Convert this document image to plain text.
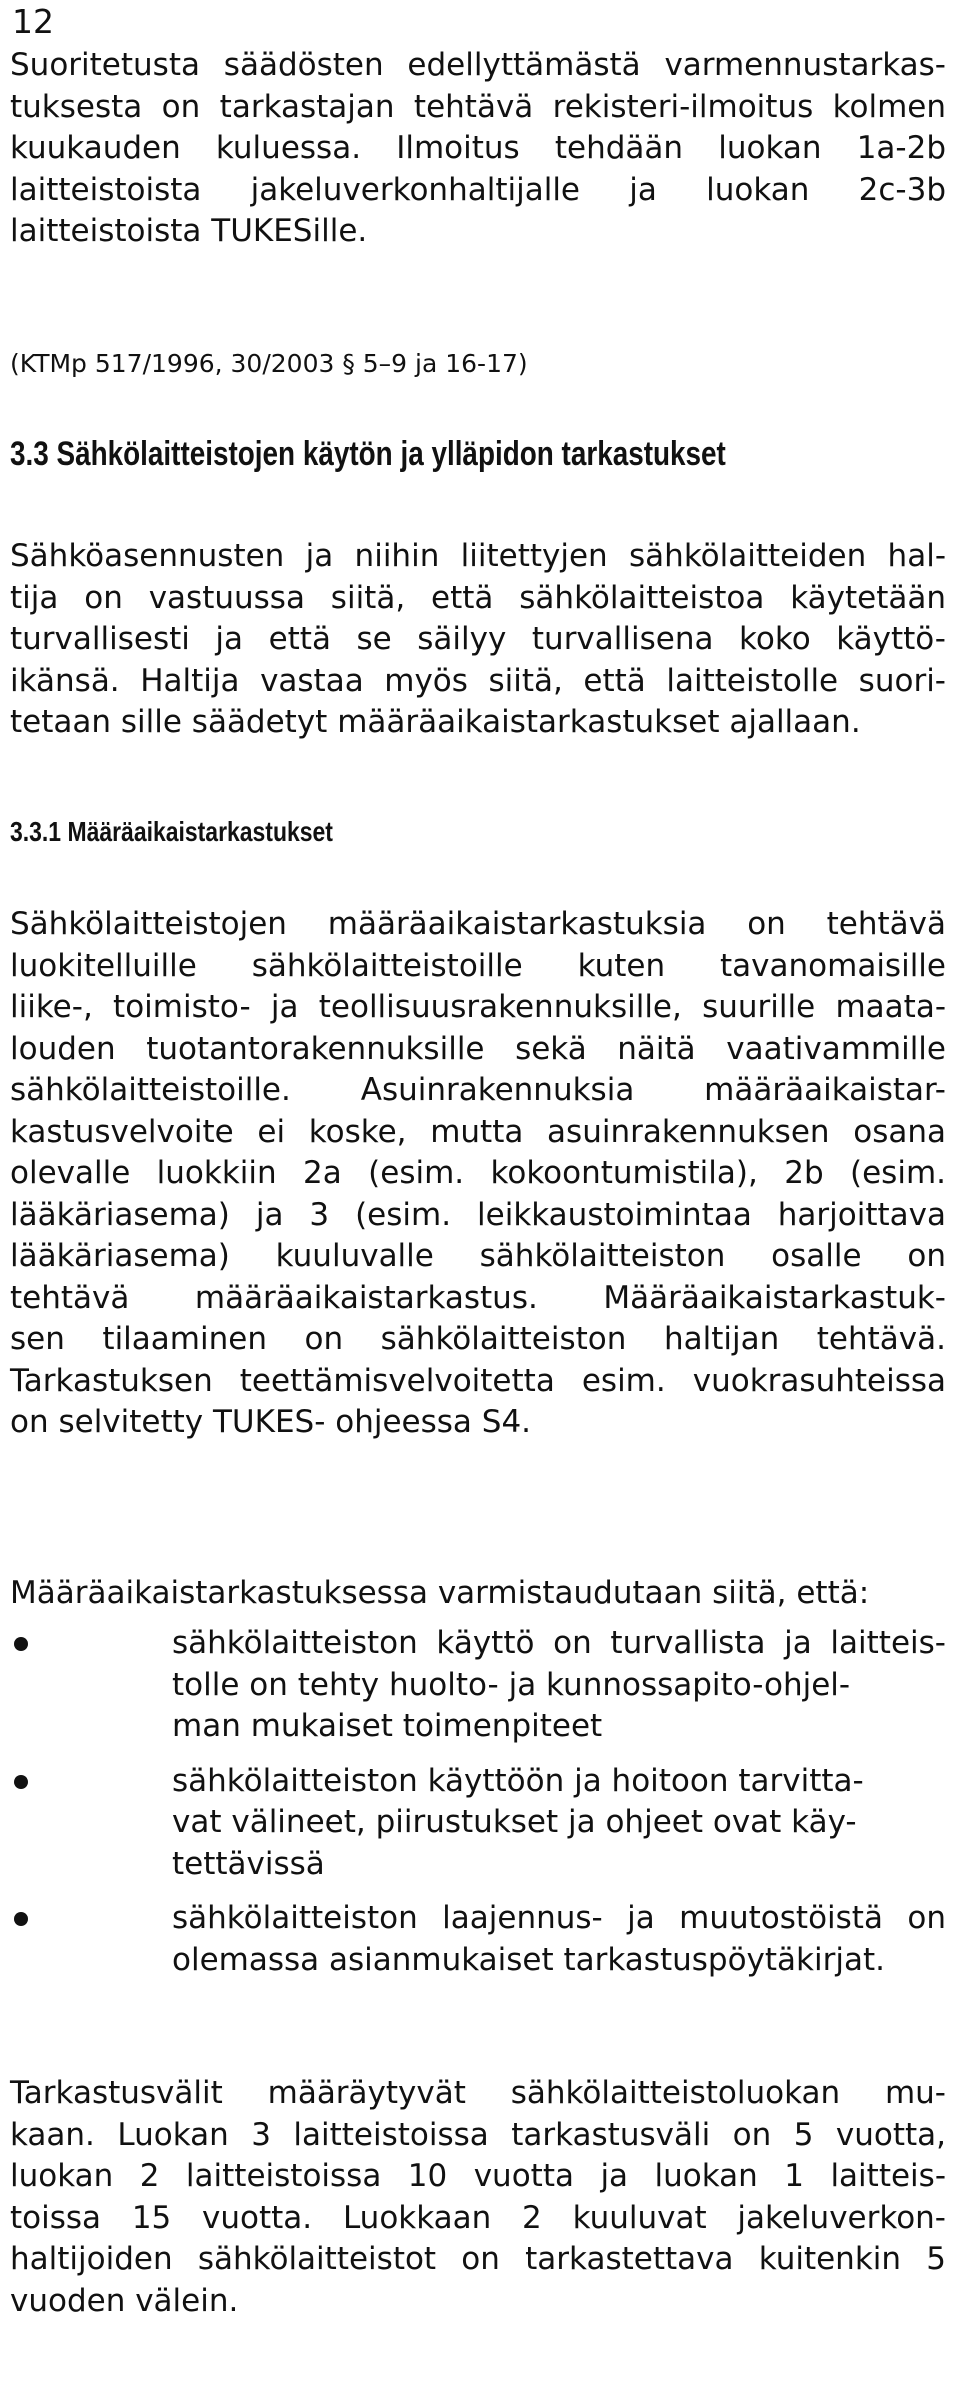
12
Suoritetusta säädösten edellyttämästä varmennustarkas-
tuksesta on tarkastajan tehtävä rekisteri-ilmoitus kolmen
kuukauden kuluessa. Ilmoitus tehdään luokan 1a-2b
laitteistoista jakeluverkonhaltijalle ja luokan 2c-3b
laitteistoista TUKESille.
(KTMp 517/1996, 30/2003 § 5–9 ja 16-17)
3.3 Sähkölaitteistojen käytön ja ylläpidon tarkastukset
Sähköasennusten ja niihin liitettyjen sähkölaitteiden hal-
tija on vastuussa siitä, että sähkölaitteistoa käytetään
turvallisesti ja että se säilyy turvallisena koko käyttö-
ikänsä. Haltija vastaa myös siitä, että laitteistolle suori-
tetaan sille säädetyt määräaikaistarkastukset ajallaan.
3.3.1 Määräaikaistarkastukset
Sähkölaitteistojen määräaikaistarkastuksia on tehtävä
luokitelluille sähkölaitteistoille kuten tavanomaisille
liike-, toimisto- ja teollisuusrakennuksille, suurille maata-
louden tuotantorakennuksille sekä näitä vaativammille
sähkölaitteistoille. Asuinrakennuksia määräaikaistar-
kastusvelvoite ei koske, mutta asuinrakennuksen osana
olevalle luokkiin 2a (esim. kokoontumistila), 2b (esim.
lääkäriasema) ja 3 (esim. leikkaustoimintaa harjoittava
lääkäriasema) kuuluvalle sähkölaitteiston osalle on
tehtävä määräaikaistarkastus. Määräaikaistarkastuk-
sen tilaaminen on sähkölaitteiston haltijan tehtävä.
Tarkastuksen teettämisvelvoitetta esim. vuokrasuhteissa
on selvitetty TUKES- ohjeessa S4.
Määräaikaistarkastuksessa varmistaudutaan siitä, että:
sähkölaitteiston käyttö on turvallista ja laitteis-
tolle on tehty huolto- ja kunnossapito-ohjel-
man mukaiset toimenpiteet
sähkölaitteiston käyttöön ja hoitoon tarvitta-
vat välineet, piirustukset ja ohjeet ovat käy-
tettävissä
sähkölaitteiston laajennus- ja muutostöistä on
olemassa asianmukaiset tarkastuspöytäkirjat.
Tarkastusvälit määräytyvät sähkölaitteistoluokan mu-
kaan. Luokan 3 laitteistoissa tarkastusväli on 5 vuotta,
luokan 2 laitteistoissa 10 vuotta ja luokan 1 laitteis-
toissa 15 vuotta. Luokkaan 2 kuuluvat jakeluverkon-
haltijoiden sähkölaitteistot on tarkastettava kuitenkin 5
vuoden välein.
